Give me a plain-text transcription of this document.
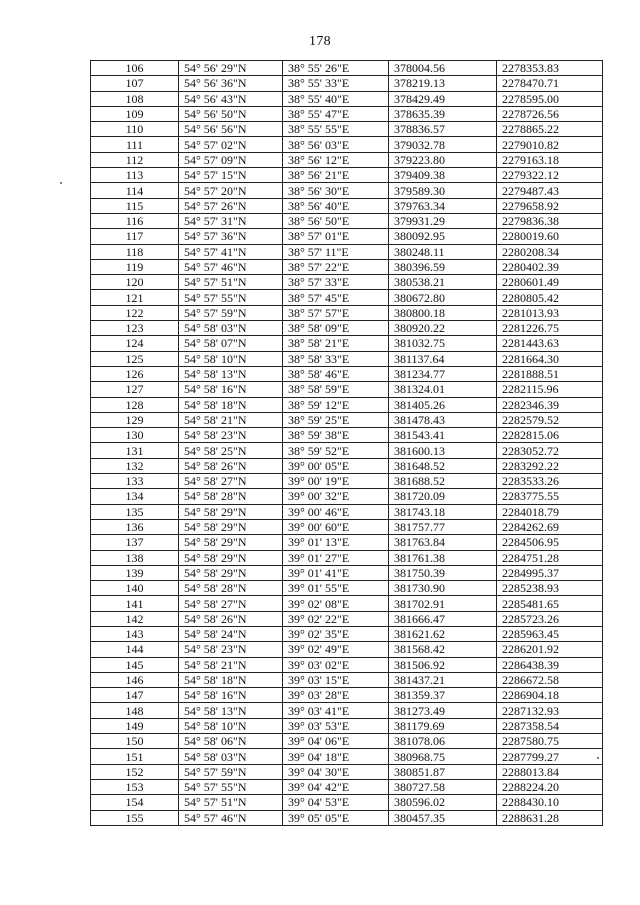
178
106	54° 56' 29"N	38° 55' 26"E	378004.56	2278353.83
107	54° 56' 36"N	38° 55' 33"E	378219.13	2278470.71
108	54° 56' 43"N	38° 55' 40"E	378429.49	2278595.00
109	54° 56' 50"N	38° 55' 47"E	378635.39	2278726.56
110	54° 56' 56"N	38° 55' 55"E	378836.57	2278865.22
111	54° 57' 02"N	38° 56' 03"E	379032.78	2279010.82
112	54° 57' 09"N	38° 56' 12"E	379223.80	2279163.18
113	54° 57' 15"N	38° 56' 21"E	379409.38	2279322.12
114	54° 57' 20"N	38° 56' 30"E	379589.30	2279487.43
115	54° 57' 26"N	38° 56' 40"E	379763.34	2279658.92
116	54° 57' 31"N	38° 56' 50"E	379931.29	2279836.38
117	54° 57' 36"N	38° 57' 01"E	380092.95	2280019.60
118	54° 57' 41"N	38° 57' 11"E	380248.11	2280208.34
119	54° 57' 46"N	38° 57' 22"E	380396.59	2280402.39
120	54° 57' 51"N	38° 57' 33"E	380538.21	2280601.49
121	54° 57' 55"N	38° 57' 45"E	380672.80	2280805.42
122	54° 57' 59"N	38° 57' 57"E	380800.18	2281013.93
123	54° 58' 03"N	38° 58' 09"E	380920.22	2281226.75
124	54° 58' 07"N	38° 58' 21"E	381032.75	2281443.63
125	54° 58' 10"N	38° 58' 33"E	381137.64	2281664.30
126	54° 58' 13"N	38° 58' 46"E	381234.77	2281888.51
127	54° 58' 16"N	38° 58' 59"E	381324.01	2282115.96
128	54° 58' 18"N	38° 59' 12"E	381405.26	2282346.39
129	54° 58' 21"N	38° 59' 25"E	381478.43	2282579.52
130	54° 58' 23"N	38° 59' 38"E	381543.41	2282815.06
131	54° 58' 25"N	38° 59' 52"E	381600.13	2283052.72
132	54° 58' 26"N	39° 00' 05"E	381648.52	2283292.22
133	54° 58' 27"N	39° 00' 19"E	381688.52	2283533.26
134	54° 58' 28"N	39° 00' 32"E	381720.09	2283775.55
135	54° 58' 29"N	39° 00' 46"E	381743.18	2284018.79
136	54° 58' 29"N	39° 00' 60"E	381757.77	2284262.69
137	54° 58' 29"N	39° 01' 13"E	381763.84	2284506.95
138	54° 58' 29"N	39° 01' 27"E	381761.38	2284751.28
139	54° 58' 29"N	39° 01' 41"E	381750.39	2284995.37
140	54° 58' 28"N	39° 01' 55"E	381730.90	2285238.93
141	54° 58' 27"N	39° 02' 08"E	381702.91	2285481.65
142	54° 58' 26"N	39° 02' 22"E	381666.47	2285723.26
143	54° 58' 24"N	39° 02' 35"E	381621.62	2285963.45
144	54° 58' 23"N	39° 02' 49"E	381568.42	2286201.92
145	54° 58' 21"N	39° 03' 02"E	381506.92	2286438.39
146	54° 58' 18"N	39° 03' 15"E	381437.21	2286672.58
147	54° 58' 16"N	39° 03' 28"E	381359.37	2286904.18
148	54° 58' 13"N	39° 03' 41"E	381273.49	2287132.93
149	54° 58' 10"N	39° 03' 53"E	381179.69	2287358.54
150	54° 58' 06"N	39° 04' 06"E	381078.06	2287580.75
151	54° 58' 03"N	39° 04' 18"E	380968.75	2287799.27
152	54° 57' 59"N	39° 04' 30"E	380851.87	2288013.84
153	54° 57' 55"N	39° 04' 42"E	380727.58	2288224.20
154	54° 57' 51"N	39° 04' 53"E	380596.02	2288430.10
155	54° 57' 46"N	39° 05' 05"E	380457.35	2288631.28
